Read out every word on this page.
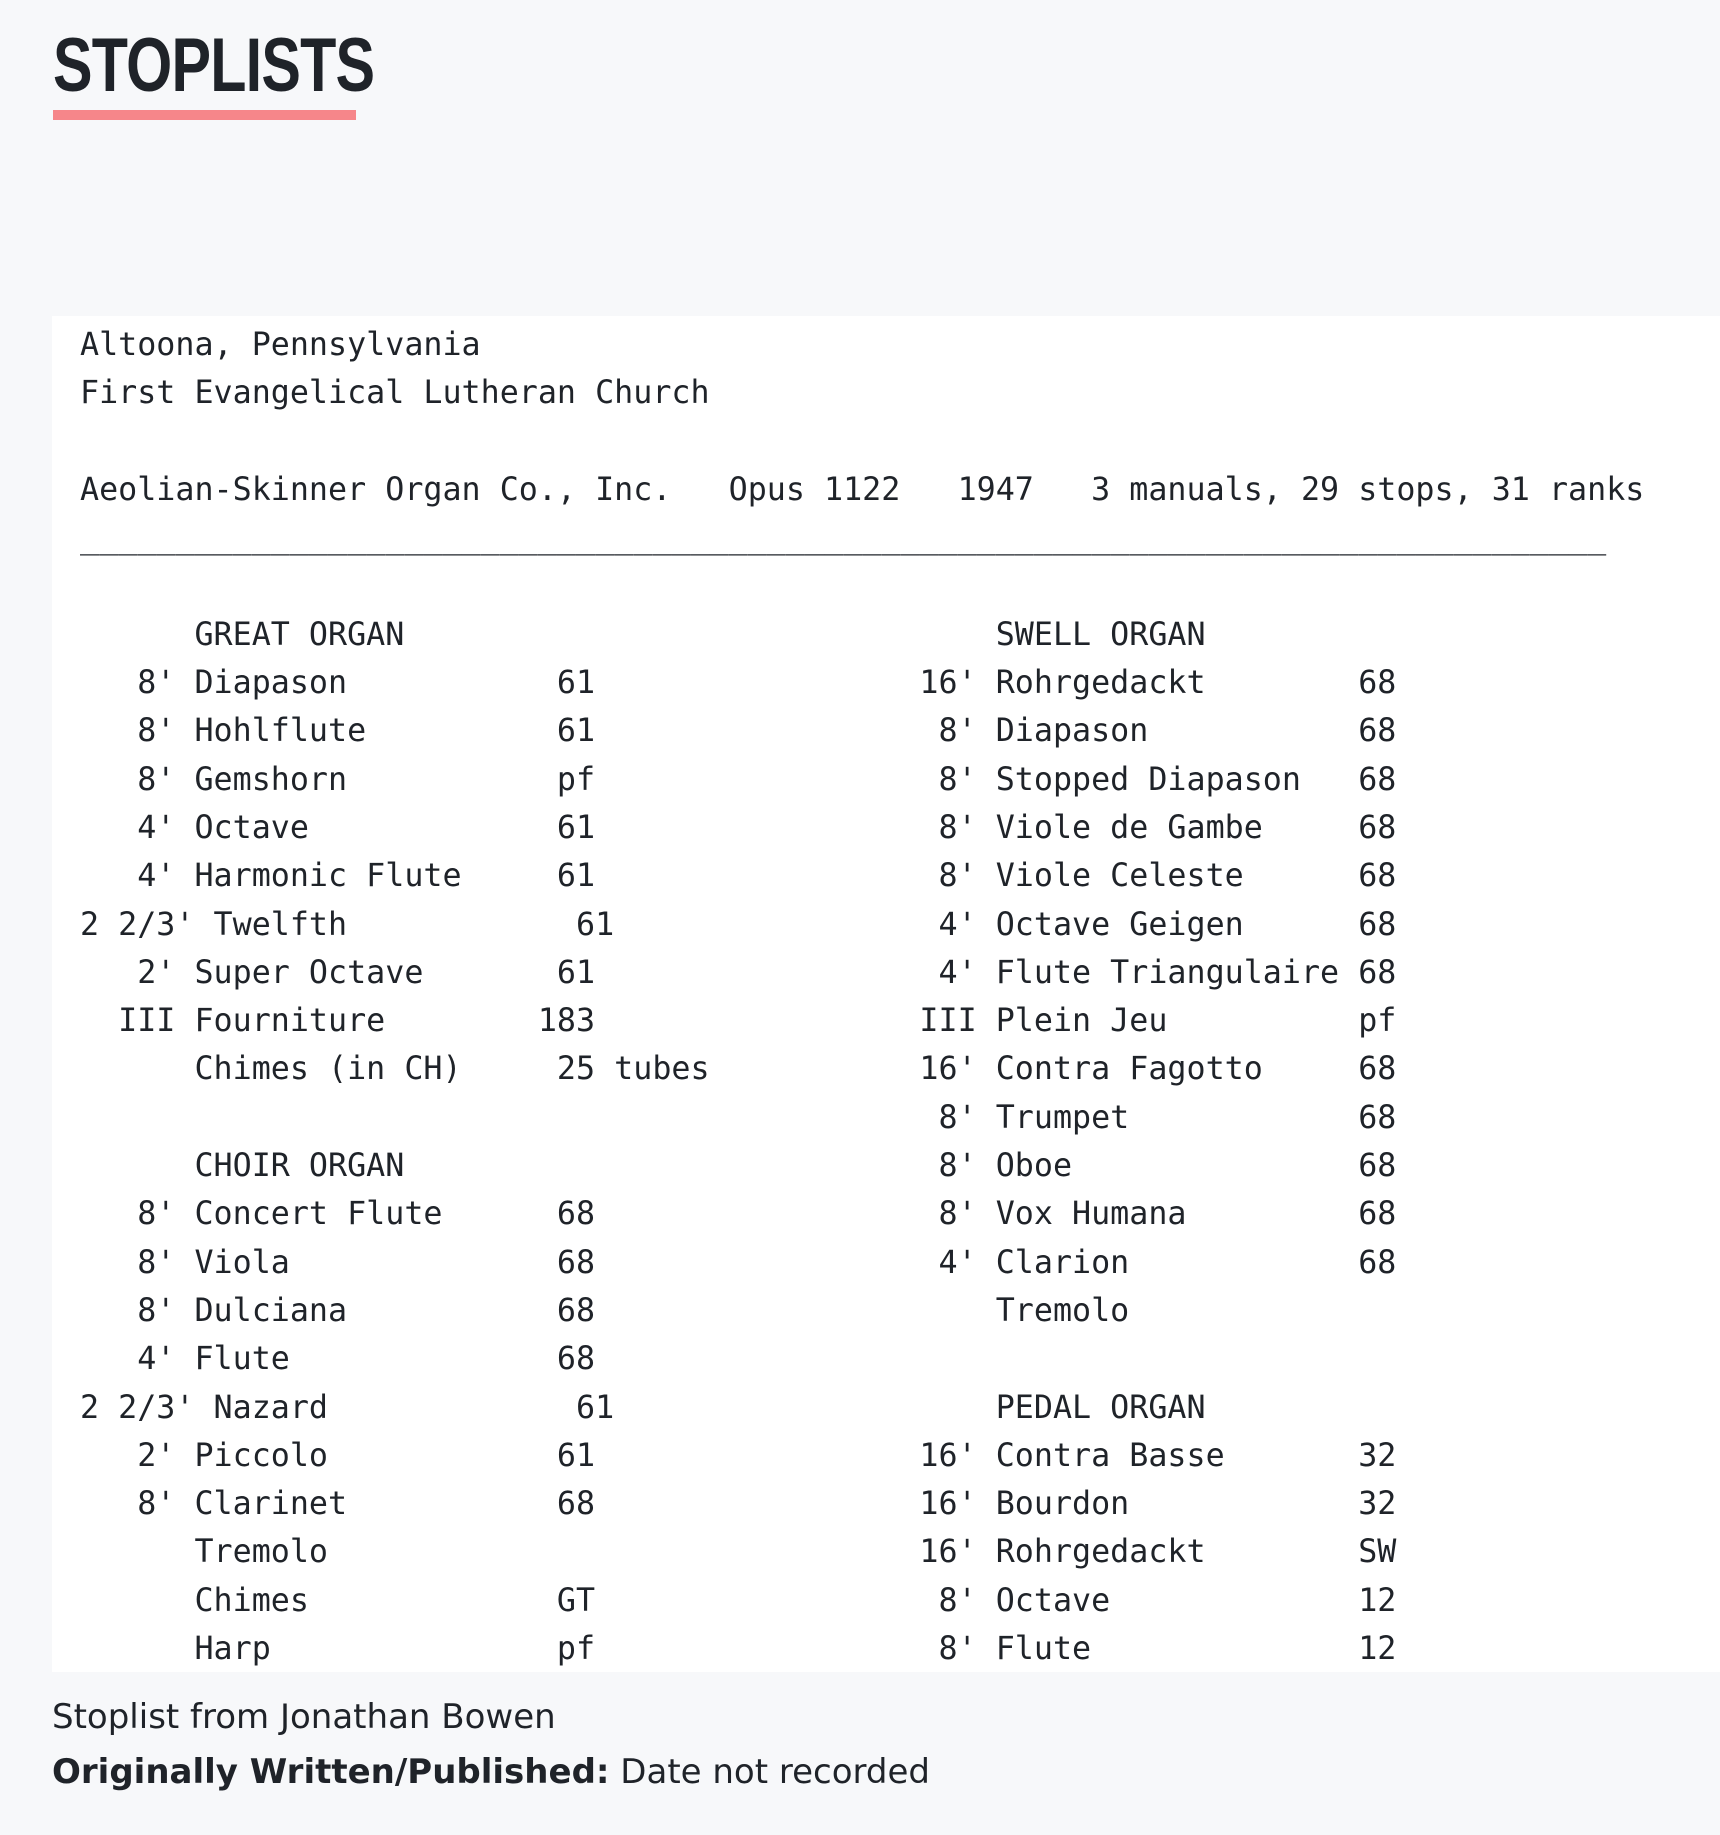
STOPLISTS
Altoona, Pennsylvania
First Evangelical Lutheran Church

Aeolian-Skinner Organ Co., Inc.   Opus 1122   1947   3 manuals, 29 stops, 31 ranks
________________________________________________________________________________

GREAT ORGAN                               SWELL ORGAN
8' Diapason           61                 16' Rohrgedackt        68
8' Hohlflute          61                  8' Diapason           68
8' Gemshorn           pf                  8' Stopped Diapason   68
4' Octave             61                  8' Viole de Gambe     68
4' Harmonic Flute     61                  8' Viole Celeste      68
2 2/3' Twelfth            61                 4' Octave Geigen      68
2' Super Octave       61                  4' Flute Triangulaire 68
III Fourniture        183                 III Plein Jeu          pf
Chimes (in CH)     25 tubes           16' Contra Fagotto     68
8' Trumpet            68
CHOIR ORGAN                            8' Oboe               68
8' Concert Flute      68                  8' Vox Humana         68
8' Viola              68                  4' Clarion            68
8' Dulciana           68                     Tremolo
4' Flute              68
2 2/3' Nazard             61                    PEDAL ORGAN
2' Piccolo            61                 16' Contra Basse       32
8' Clarinet           68                 16' Bourdon            32
Tremolo                               16' Rohrgedackt        SW
Chimes             GT                  8' Octave             12
Harp               pf                  8' Flute              12
Stoplist from Jonathan Bowen
Originally Written/Published: Date not recorded
